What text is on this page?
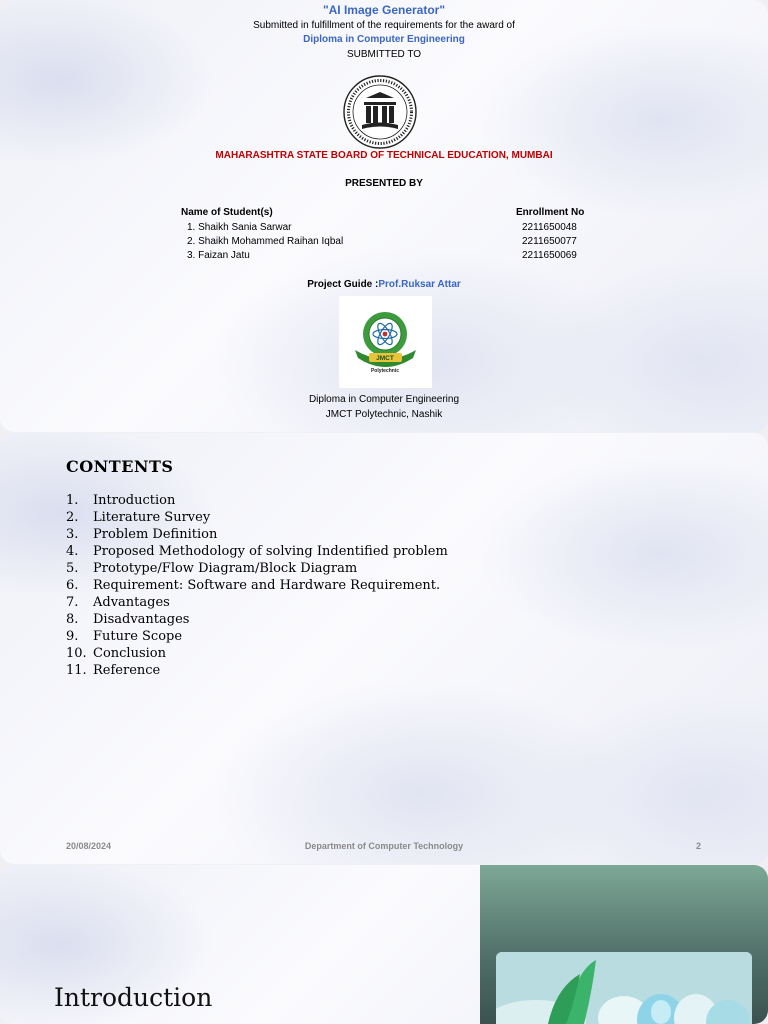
"AI Image Generator"
Submitted in fulfillment of the requirements for the award of
Diploma in Computer Engineering
SUBMITTED TO
MAHARASHTRA STATE BOARD OF TECHNICAL EDUCATION, MUMBAI
PRESENTED BY
Name of Student(s)	Enrollment No
1. Shaikh Sania Sarwar	2211650048
2. Shaikh Mohammed Raihan Iqbal	2211650077
3. Faizan Jatu	2211650069
Project Guide :Prof.Ruksar Attar
JMCT
Polytechnic
Diploma in Computer Engineering
JMCT Polytechnic, Nashik
CONTENTS
1. Introduction
2. Literature Survey
3. Problem Definition
4. Proposed Methodology of solving Indentified problem
5. Prototype/Flow Diagram/Block Diagram
6. Requirement: Software and Hardware Requirement.
7. Advantages
8. Disadvantages
9. Future Scope
10. Conclusion
11. Reference
20/08/2024	Department of Computer Technology	2
Introduction
